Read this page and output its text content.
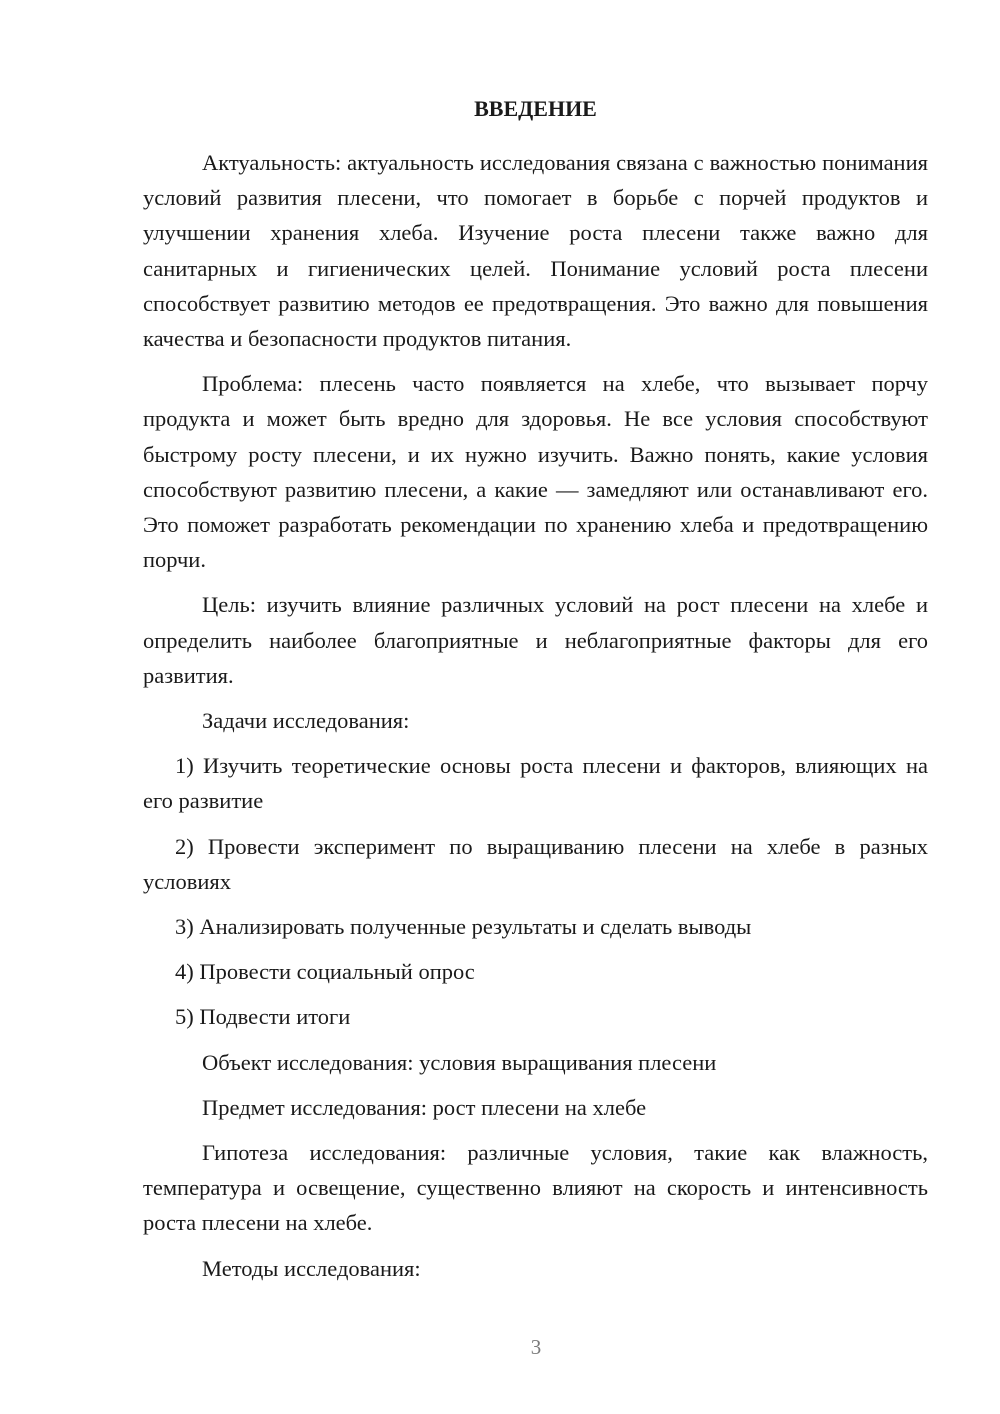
ВВЕДЕНИЕ

Актуальность: актуальность исследования связана с важностью понимания условий развития плесени, что помогает в борьбе с порчей продуктов и улучшении хранения хлеба. Изучение роста плесени также важно для санитарных и гигиенических целей. Понимание условий роста плесени способствует развитию методов ее предотвращения. Это важно для повышения качества и безопасности продуктов питания.

Проблема: плесень часто появляется на хлебе, что вызывает порчу продукта и может быть вредно для здоровья. Не все условия способствуют быстрому росту плесени, и их нужно изучить. Важно понять, какие условия способствуют развитию плесени, а какие — замедляют или останавливают его. Это поможет разработать рекомендации по хранению хлеба и предотвращению порчи.

Цель: изучить влияние различных условий на рост плесени на хлебе и определить наиболее благоприятные и неблагоприятные факторы для его развития.

Задачи исследования:

1) Изучить теоретические основы роста плесени и факторов, влияющих на его развитие

2) Провести эксперимент по выращиванию плесени на хлебе в разных условиях

3) Анализировать полученные результаты и сделать выводы

4) Провести социальный опрос

5) Подвести итоги

Объект исследования: условия выращивания плесени

Предмет исследования: рост плесени на хлебе

Гипотеза исследования: различные условия, такие как влажность, температура и освещение, существенно влияют на скорость и интенсивность роста плесени на хлебе.

Методы исследования:

3
